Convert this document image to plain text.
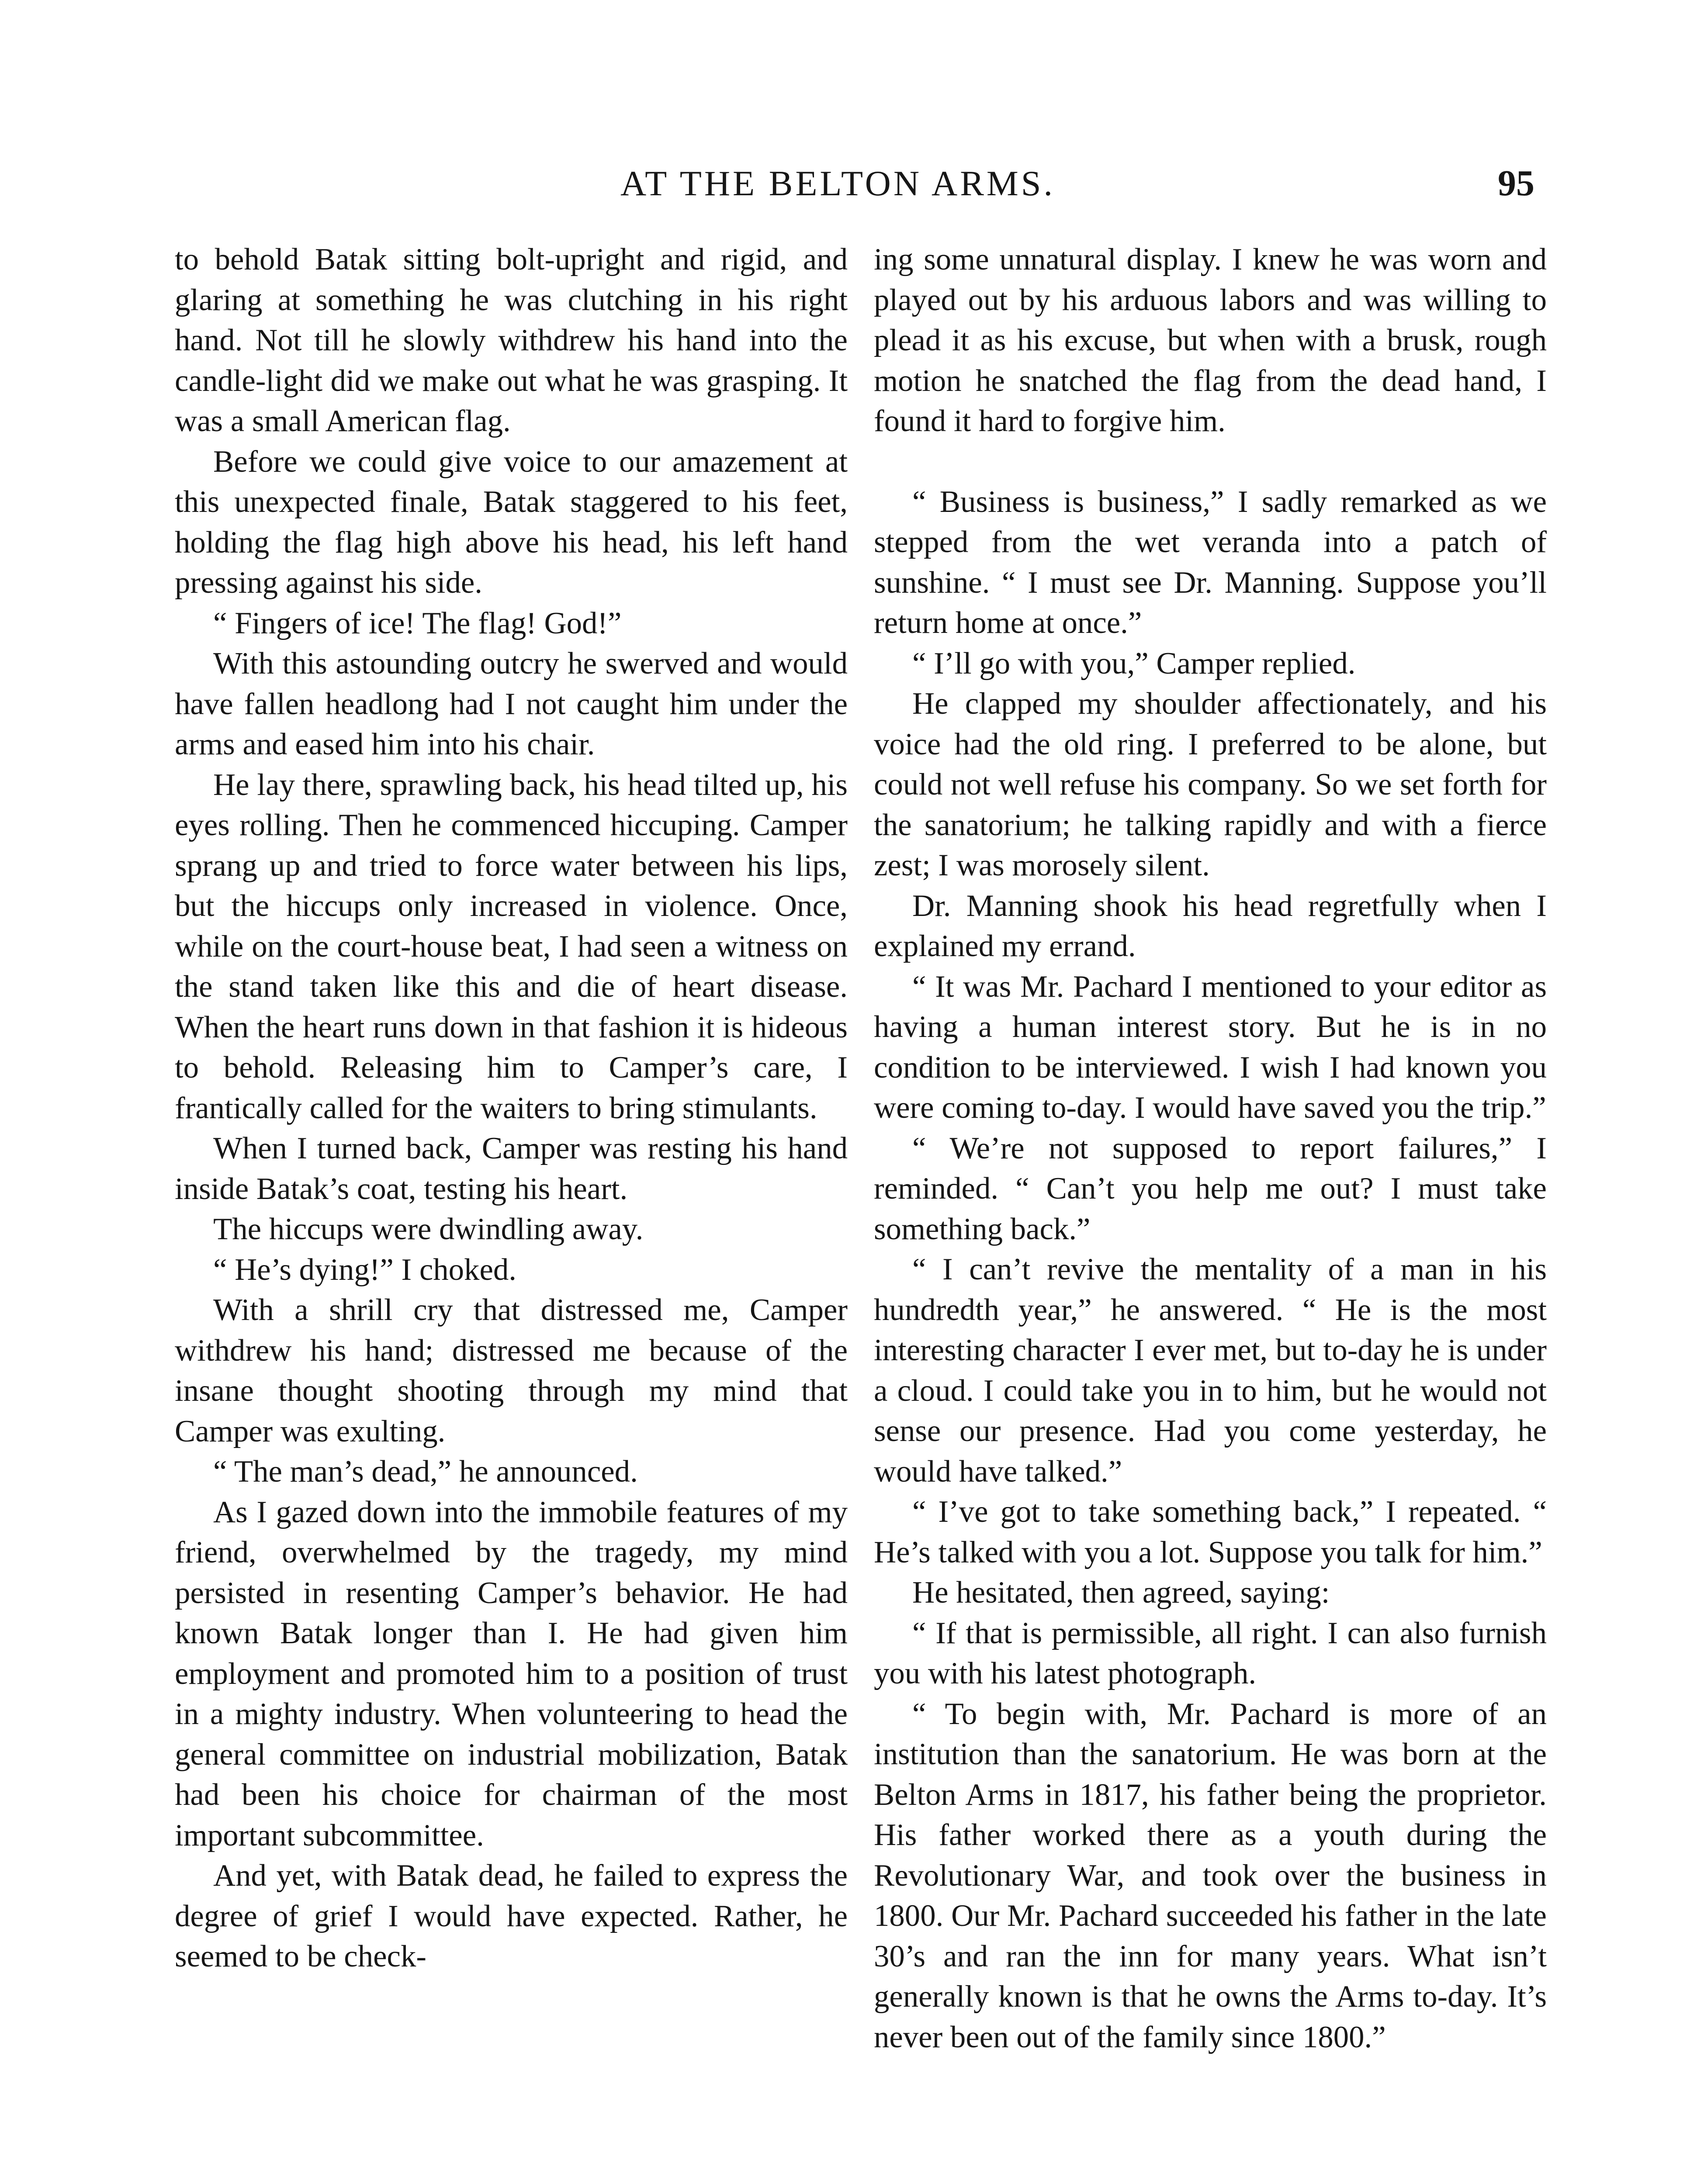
AT THE BELTON ARMS.	95

to behold Batak sitting bolt-upright and rigid, and glaring at something he was clutching in his right hand. Not till he slowly withdrew his hand into the candle-light did we make out what he was grasping. It was a small American flag.

Before we could give voice to our amazement at this unexpected finale, Batak staggered to his feet, holding the flag high above his head, his left hand pressing against his side.

“ Fingers of ice! The flag! God!”

With this astounding outcry he swerved and would have fallen headlong had I not caught him under the arms and eased him into his chair.

He lay there, sprawling back, his head tilted up, his eyes rolling. Then he commenced hiccuping. Camper sprang up and tried to force water between his lips, but the hiccups only increased in violence. Once, while on the court-house beat, I had seen a witness on the stand taken like this and die of heart disease. When the heart runs down in that fashion it is hideous to behold. Releasing him to Camper’s care, I frantically called for the waiters to bring stimulants.

When I turned back, Camper was resting his hand inside Batak’s coat, testing his heart.

The hiccups were dwindling away.

“ He’s dying!” I choked.

With a shrill cry that distressed me, Camper withdrew his hand; distressed me because of the insane thought shooting through my mind that Camper was exulting.

“ The man’s dead,” he announced.

As I gazed down into the immobile features of my friend, overwhelmed by the tragedy, my mind persisted in resenting Camper’s behavior. He had known Batak longer than I. He had given him employment and promoted him to a position of trust in a mighty industry. When volunteering to head the general committee on industrial mobilization, Batak had been his choice for chairman of the most important subcommittee.

And yet, with Batak dead, he failed to express the degree of grief I would have expected. Rather, he seemed to be check-

ing some unnatural display. I knew he was worn and played out by his arduous labors and was willing to plead it as his excuse, but when with a brusk, rough motion he snatched the flag from the dead hand, I found it hard to forgive him.

“ Business is business,” I sadly remarked as we stepped from the wet veranda into a patch of sunshine. “ I must see Dr. Manning. Suppose you’ll return home at once.”

“ I’ll go with you,” Camper replied.

He clapped my shoulder affectionately, and his voice had the old ring. I preferred to be alone, but could not well refuse his company. So we set forth for the sanatorium; he talking rapidly and with a fierce zest; I was morosely silent.

Dr. Manning shook his head regretfully when I explained my errand.

“ It was Mr. Pachard I mentioned to your editor as having a human interest story. But he is in no condition to be interviewed. I wish I had known you were coming to-day. I would have saved you the trip.”

“ We’re not supposed to report failures,” I reminded. “ Can’t you help me out? I must take something back.”

“ I can’t revive the mentality of a man in his hundredth year,” he answered. “ He is the most interesting character I ever met, but to-day he is under a cloud. I could take you in to him, but he would not sense our presence. Had you come yesterday, he would have talked.”

“ I’ve got to take something back,” I repeated. “ He’s talked with you a lot. Suppose you talk for him.”

He hesitated, then agreed, saying:

“ If that is permissible, all right. I can also furnish you with his latest photograph.

“ To begin with, Mr. Pachard is more of an institution than the sanatorium. He was born at the Belton Arms in 1817, his father being the proprietor. His father worked there as a youth during the Revolutionary War, and took over the business in 1800. Our Mr. Pachard succeeded his father in the late 30’s and ran the inn for many years. What isn’t generally known is that he owns the Arms to-day. It’s never been out of the family since 1800.”
